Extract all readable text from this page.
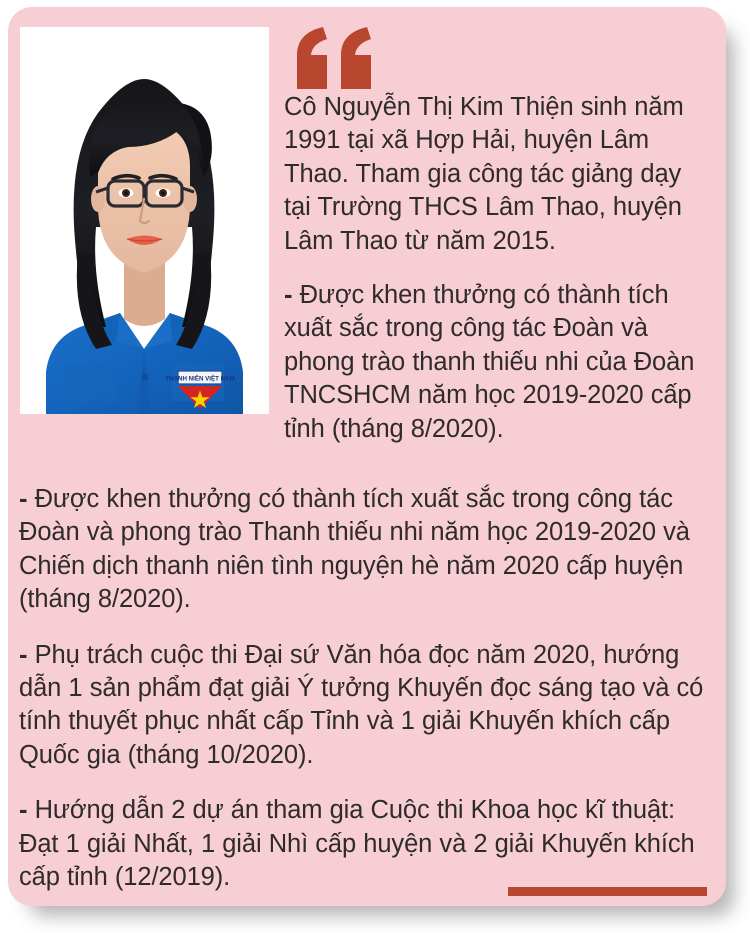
THANH NIÊN VIỆT NAM

Cô Nguyễn Thị Kim Thiện sinh năm 1991 tại xã Hợp Hải, huyện Lâm Thao. Tham gia công tác giảng dạy tại Trường THCS Lâm Thao, huyện Lâm Thao từ năm 2015.

- Được khen thưởng có thành tích xuất sắc trong công tác Đoàn và phong trào thanh thiếu nhi của Đoàn TNCSHCM năm học 2019-2020 cấp tỉnh (tháng 8/2020).

- Được khen thưởng có thành tích xuất sắc trong công tác Đoàn và phong trào Thanh thiếu nhi năm học 2019-2020 và Chiến dịch thanh niên tình nguyện hè năm 2020 cấp huyện (tháng 8/2020).

- Phụ trách cuộc thi Đại sứ Văn hóa đọc năm 2020, hướng dẫn 1 sản phẩm đạt giải Ý tưởng Khuyến đọc sáng tạo và có tính thuyết phục nhất cấp Tỉnh và 1 giải Khuyến khích cấp Quốc gia (tháng 10/2020).

- Hướng dẫn 2 dự án tham gia Cuộc thi Khoa học kĩ thuật: Đạt 1 giải Nhất, 1 giải Nhì cấp huyện và 2 giải Khuyến khích cấp tỉnh (12/2019).
